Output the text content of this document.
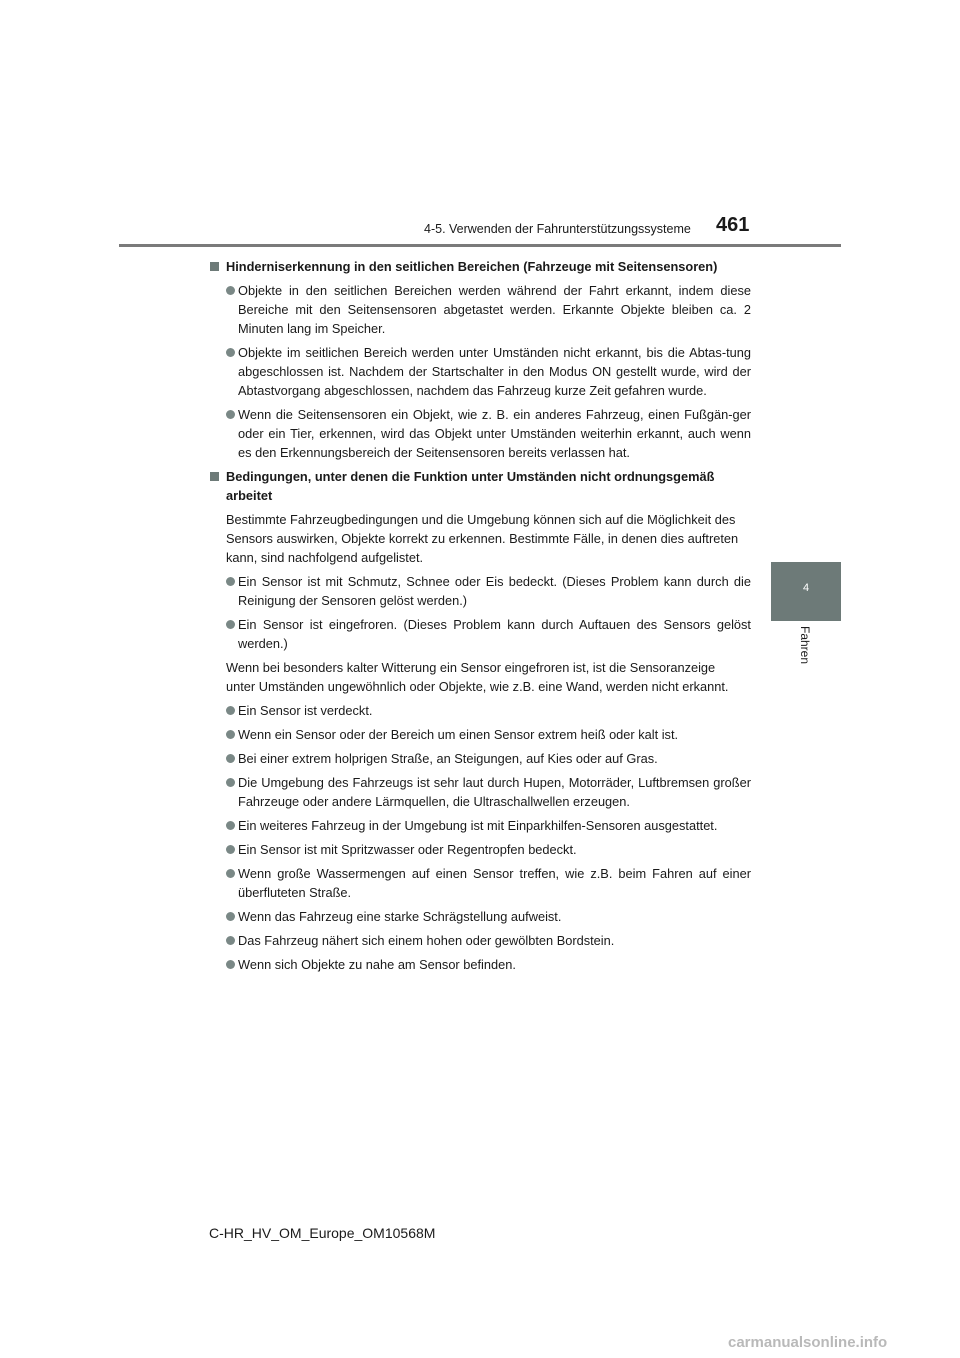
4-5. Verwenden der Fahrunterstützungssysteme 461
4
Fahren
Hinderniserkennung in den seitlichen Bereichen (Fahrzeuge mit Seitensensoren)
Objekte in den seitlichen Bereichen werden während der Fahrt erkannt, indem diese Bereiche mit den Seitensensoren abgetastet werden. Erkannte Objekte bleiben ca. 2 Minuten lang im Speicher.
Objekte im seitlichen Bereich werden unter Umständen nicht erkannt, bis die Abtas-tung abgeschlossen ist. Nachdem der Startschalter in den Modus ON gestellt wurde, wird der Abtastvorgang abgeschlossen, nachdem das Fahrzeug kurze Zeit gefahren wurde.
Wenn die Seitensensoren ein Objekt, wie z. B. ein anderes Fahrzeug, einen Fußgän-ger oder ein Tier, erkennen, wird das Objekt unter Umständen weiterhin erkannt, auch wenn es den Erkennungsbereich der Seitensensoren bereits verlassen hat.
Bedingungen, unter denen die Funktion unter Umständen nicht ordnungsgemäß arbeitet
Bestimmte Fahrzeugbedingungen und die Umgebung können sich auf die Möglichkeit des Sensors auswirken, Objekte korrekt zu erkennen. Bestimmte Fälle, in denen dies auftreten kann, sind nachfolgend aufgelistet.
Ein Sensor ist mit Schmutz, Schnee oder Eis bedeckt. (Dieses Problem kann durch die Reinigung der Sensoren gelöst werden.)
Ein Sensor ist eingefroren. (Dieses Problem kann durch Auftauen des Sensors gelöst werden.)
Wenn bei besonders kalter Witterung ein Sensor eingefroren ist, ist die Sensoranzeige unter Umständen ungewöhnlich oder Objekte, wie z.B. eine Wand, werden nicht erkannt.
Ein Sensor ist verdeckt.
Wenn ein Sensor oder der Bereich um einen Sensor extrem heiß oder kalt ist.
Bei einer extrem holprigen Straße, an Steigungen, auf Kies oder auf Gras.
Die Umgebung des Fahrzeugs ist sehr laut durch Hupen, Motorräder, Luftbremsen großer Fahrzeuge oder andere Lärmquellen, die Ultraschallwellen erzeugen.
Ein weiteres Fahrzeug in der Umgebung ist mit Einparkhilfen-Sensoren ausgestattet.
Ein Sensor ist mit Spritzwasser oder Regentropfen bedeckt.
Wenn große Wassermengen auf einen Sensor treffen, wie z.B. beim Fahren auf einer überfluteten Straße.
Wenn das Fahrzeug eine starke Schrägstellung aufweist.
Das Fahrzeug nähert sich einem hohen oder gewölbten Bordstein.
Wenn sich Objekte zu nahe am Sensor befinden.
C-HR_HV_OM_Europe_OM10568M
carmanualsonline.info
